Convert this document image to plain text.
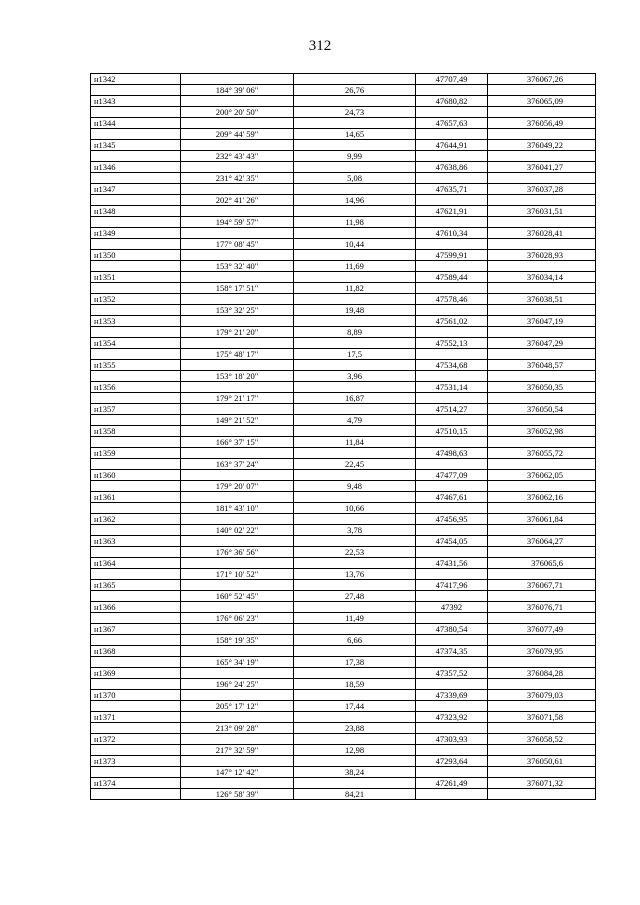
312
н1342			47707,49	376067,26
	184° 39' 06"	26,76		
н1343			47680,82	376065,09
	200° 20' 50"	24,73		
н1344			47657,63	376056,49
	209° 44' 59"	14,65		
н1345			47644,91	376049,22
	232° 43' 43"	9,99		
н1346			47638,86	376041,27
	231° 42' 35"	5,08		
н1347			47635,71	376037,28
	202° 41' 26"	14,96		
н1348			47621,91	376031,51
	194° 59' 57"	11,98		
н1349			47610,34	376028,41
	177° 08' 45"	10,44		
н1350			47599,91	376028,93
	153° 32' 40"	11,69		
н1351			47589,44	376034,14
	158° 17' 51"	11,82		
н1352			47578,46	376038,51
	153° 32' 25"	19,48		
н1353			47561,02	376047,19
	179° 21' 20"	8,89		
н1354			47552,13	376047,29
	175° 48' 17"	17,5		
н1355			47534,68	376048,57
	153° 18' 20"	3,96		
н1356			47531,14	376050,35
	179° 21' 17"	16,87		
н1357			47514,27	376050,54
	149° 21' 52"	4,79		
н1358			47510,15	376052,98
	166° 37' 15"	11,84		
н1359			47498,63	376055,72
	163° 37' 24"	22,45		
н1360			47477,09	376062,05
	179° 20' 07"	9,48		
н1361			47467,61	376062,16
	181° 43' 10"	10,66		
н1362			47456,95	376061,84
	140° 02' 22"	3,78		
н1363			47454,05	376064,27
	176° 36' 56"	22,53		
н1364			47431,56	376065,6
	171° 10' 52"	13,76		
н1365			47417,96	376067,71
	160° 52' 45"	27,48		
н1366			47392	376076,71
	176° 06' 23"	11,49		
н1367			47380,54	376077,49
	158° 19' 35"	6,66		
н1368			47374,35	376079,95
	165° 34' 19"	17,38		
н1369			47357,52	376084,28
	196° 24' 25"	18,59		
н1370			47339,69	376079,03
	205° 17' 12"	17,44		
н1371			47323,92	376071,58
	213° 09' 28"	23,88		
н1372			47303,93	376058,52
	217° 32' 59"	12,98		
н1373			47293,64	376050,61
	147° 12' 42"	38,24		
н1374			47261,49	376071,32
	126° 58' 39"	84,21		
